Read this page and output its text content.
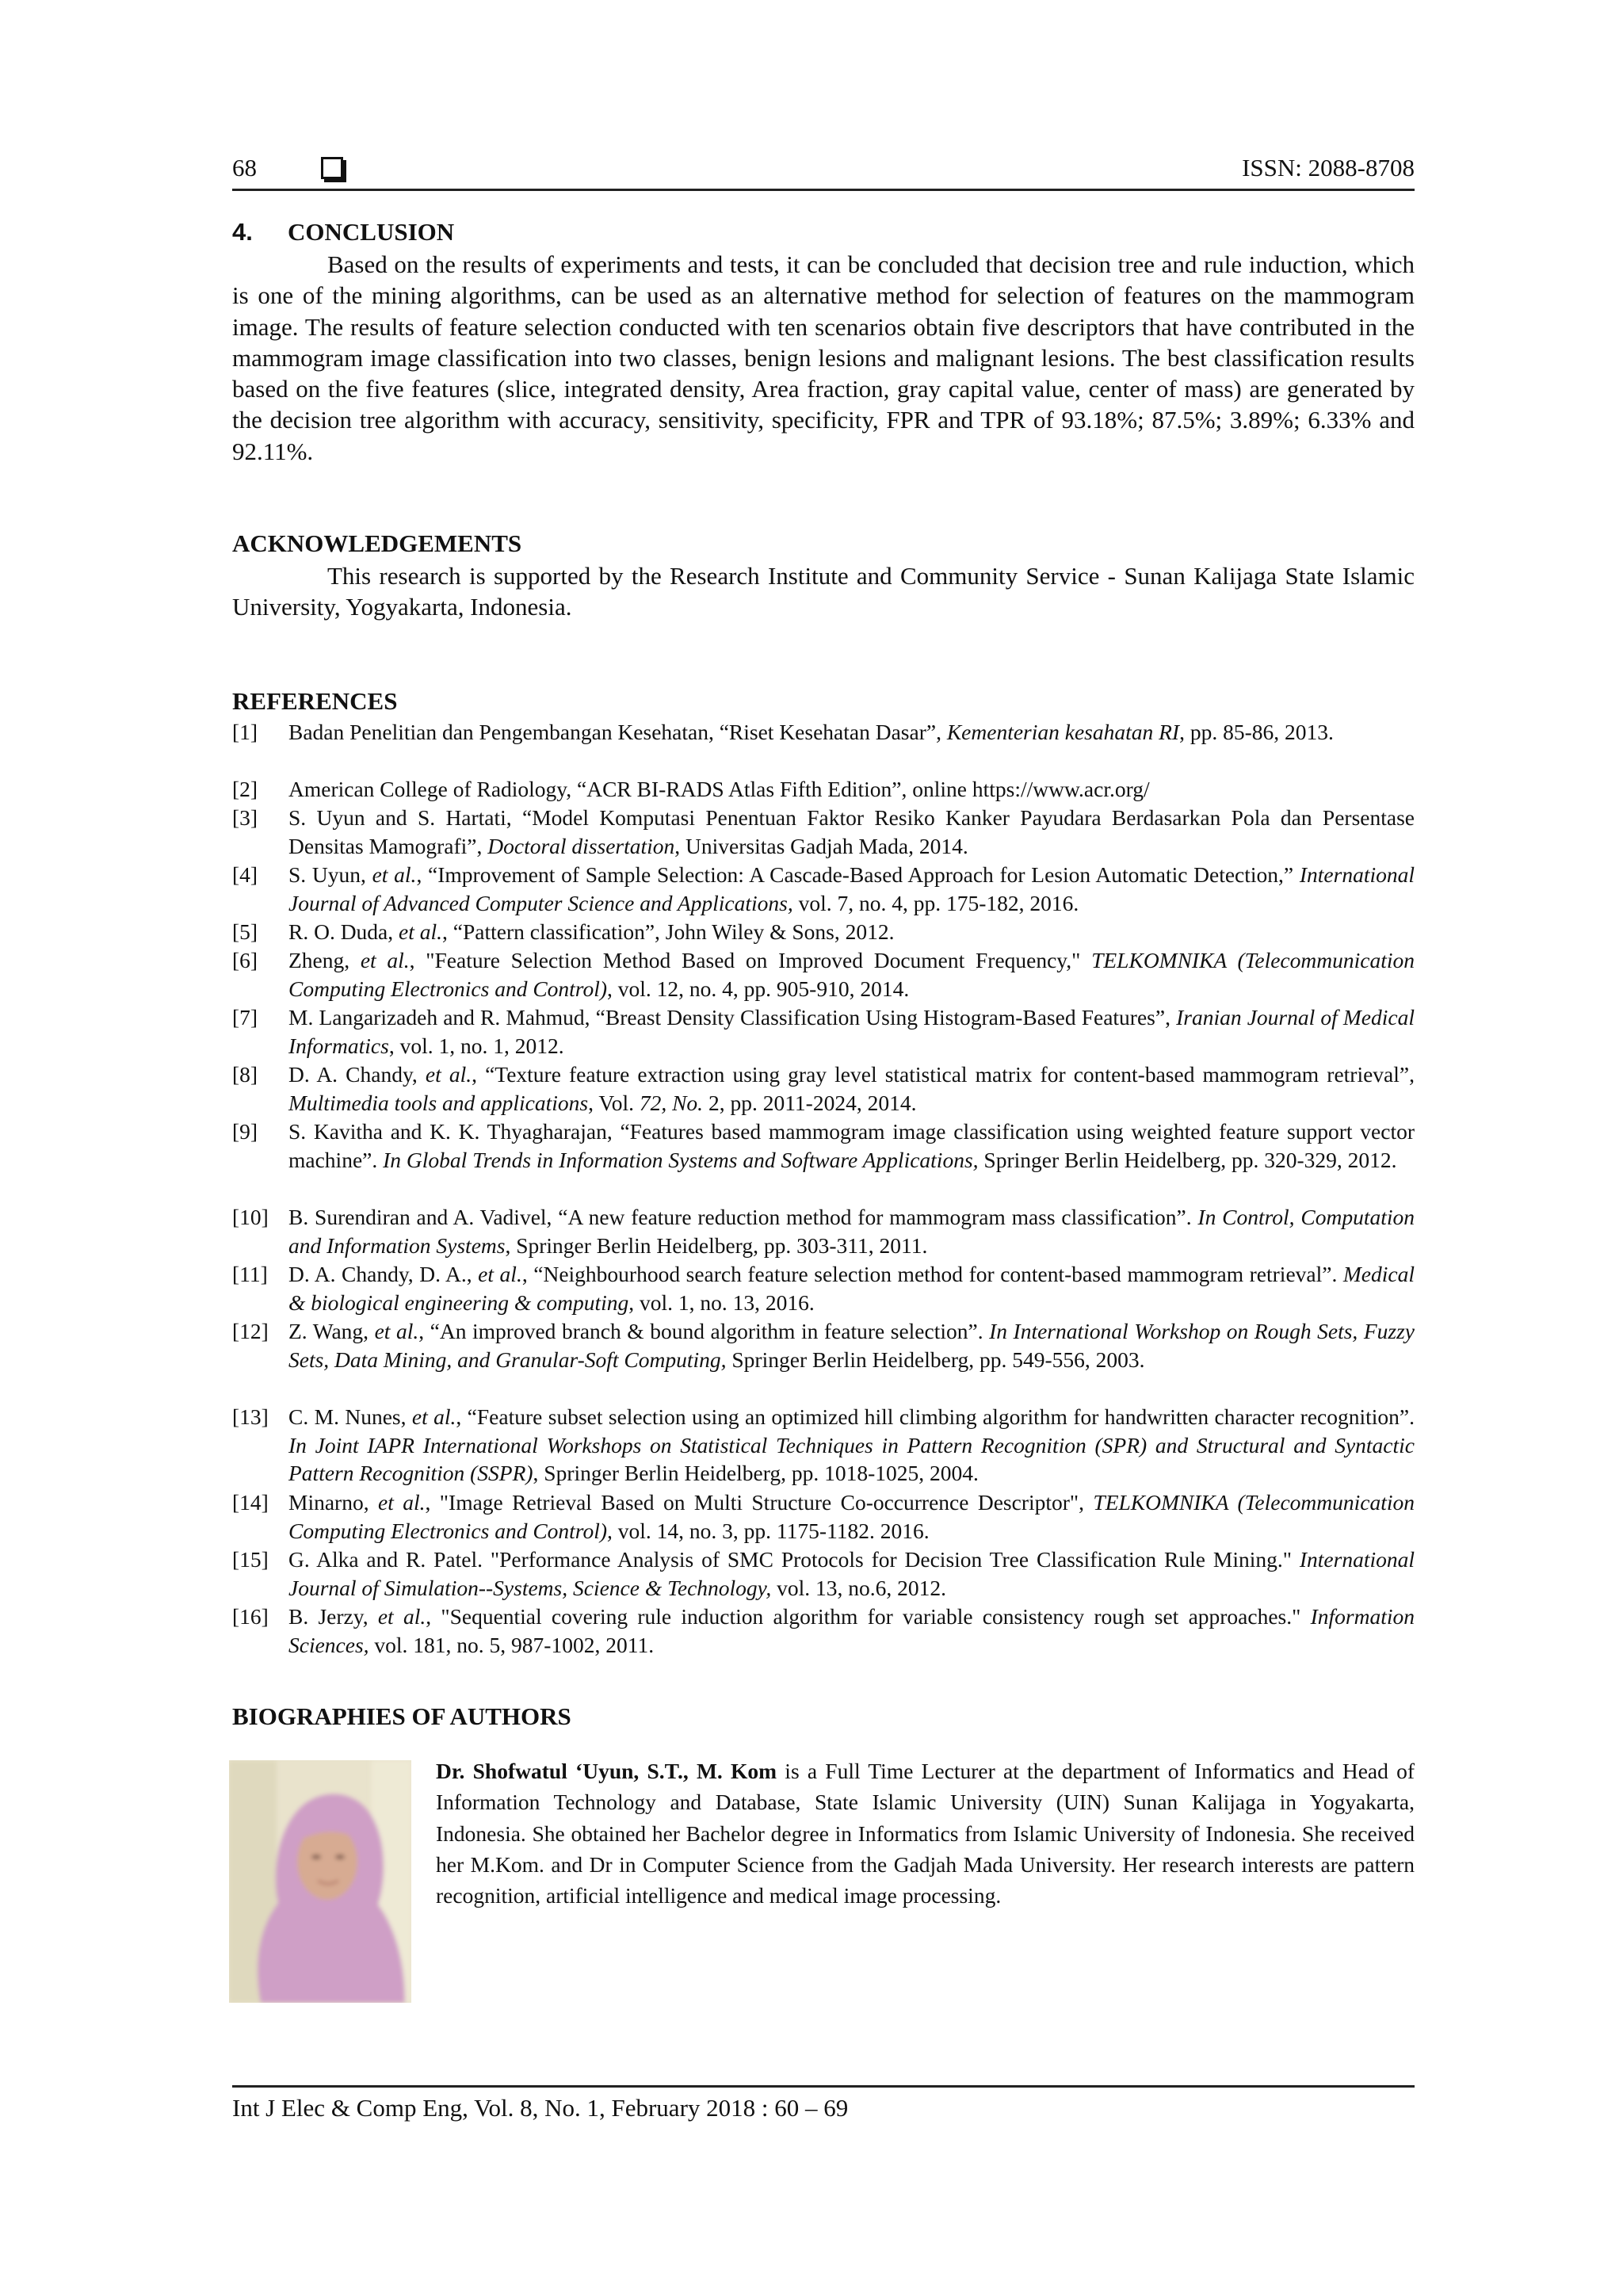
68	ISSN: 2088-8708
4. CONCLUSION

Based on the results of experiments and tests, it can be concluded that decision tree and rule induction, which is one of the mining algorithms, can be used as an alternative method for selection of features on the mammogram image. The results of feature selection conducted with ten scenarios obtain five descriptors that have contributed in the mammogram image classification into two classes, benign lesions and malignant lesions. The best classification results based on the five features (slice, integrated density, Area fraction, gray capital value, center of mass) are generated by the decision tree algorithm with accuracy, sensitivity, specificity, FPR and TPR of 93.18%; 87.5%; 3.89%; 6.33% and 92.11%.

ACKNOWLEDGEMENTS

This research is supported by the Research Institute and Community Service - Sunan Kalijaga State Islamic University, Yogyakarta, Indonesia.

REFERENCES
[1] Badan Penelitian dan Pengembangan Kesehatan, “Riset Kesehatan Dasar”, Kementerian kesahatan RI, pp. 85-86, 2013.
[2] American College of Radiology, “ACR BI-RADS Atlas Fifth Edition”, online https://www.acr.org/
[3] S. Uyun and S. Hartati, “Model Komputasi Penentuan Faktor Resiko Kanker Payudara Berdasarkan Pola dan Persentase Densitas Mamografi”, Doctoral dissertation, Universitas Gadjah Mada, 2014.
[4] S. Uyun, et al., “Improvement of Sample Selection: A Cascade-Based Approach for Lesion Automatic Detection,” International Journal of Advanced Computer Science and Applications, vol. 7, no. 4, pp. 175-182, 2016.
[5] R. O. Duda, et al., “Pattern classification”, John Wiley & Sons, 2012.
[6] Zheng, et al., "Feature Selection Method Based on Improved Document Frequency," TELKOMNIKA (Telecommunication Computing Electronics and Control), vol. 12, no. 4, pp. 905-910, 2014.
[7] M. Langarizadeh and R. Mahmud, “Breast Density Classification Using Histogram-Based Features”, Iranian Journal of Medical Informatics, vol. 1, no. 1, 2012.
[8] D. A. Chandy, et al., “Texture feature extraction using gray level statistical matrix for content-based mammogram retrieval”, Multimedia tools and applications, Vol. 72, No. 2, pp. 2011-2024, 2014.
[9] S. Kavitha and K. K. Thyagharajan, “Features based mammogram image classification using weighted feature support vector machine”. In Global Trends in Information Systems and Software Applications, Springer Berlin Heidelberg, pp. 320-329, 2012.
[10] B. Surendiran and A. Vadivel, “A new feature reduction method for mammogram mass classification”. In Control, Computation and Information Systems, Springer Berlin Heidelberg, pp. 303-311, 2011.
[11] D. A. Chandy, D. A., et al., “Neighbourhood search feature selection method for content-based mammogram retrieval”. Medical & biological engineering & computing, vol. 1, no. 13, 2016.
[12] Z. Wang, et al., “An improved branch & bound algorithm in feature selection”. In International Workshop on Rough Sets, Fuzzy Sets, Data Mining, and Granular-Soft Computing, Springer Berlin Heidelberg, pp. 549-556, 2003.
[13] C. M. Nunes, et al., “Feature subset selection using an optimized hill climbing algorithm for handwritten character recognition”. In Joint IAPR International Workshops on Statistical Techniques in Pattern Recognition (SPR) and Structural and Syntactic Pattern Recognition (SSPR), Springer Berlin Heidelberg, pp. 1018-1025, 2004.
[14] Minarno, et al., "Image Retrieval Based on Multi Structure Co-occurrence Descriptor", TELKOMNIKA (Telecommunication Computing Electronics and Control), vol. 14, no. 3, pp. 1175-1182. 2016.
[15] G. Alka and R. Patel. "Performance Analysis of SMC Protocols for Decision Tree Classification Rule Mining." International Journal of Simulation--Systems, Science & Technology, vol. 13, no.6, 2012.
[16] B. Jerzy, et al., "Sequential covering rule induction algorithm for variable consistency rough set approaches." Information Sciences, vol. 181, no. 5, 987-1002, 2011.
BIOGRAPHIES OF AUTHORS

Dr. Shofwatul ‘Uyun, S.T., M. Kom is a Full Time Lecturer at the department of Informatics and Head of Information Technology and Database, State Islamic University (UIN) Sunan Kalijaga in Yogyakarta, Indonesia. She obtained her Bachelor degree in Informatics from Islamic University of Indonesia. She received her M.Kom. and Dr in Computer Science from the Gadjah Mada University. Her research interests are pattern recognition, artificial intelligence and medical image processing.

Int J Elec & Comp Eng, Vol. 8, No. 1, February 2018 : 60 – 69
